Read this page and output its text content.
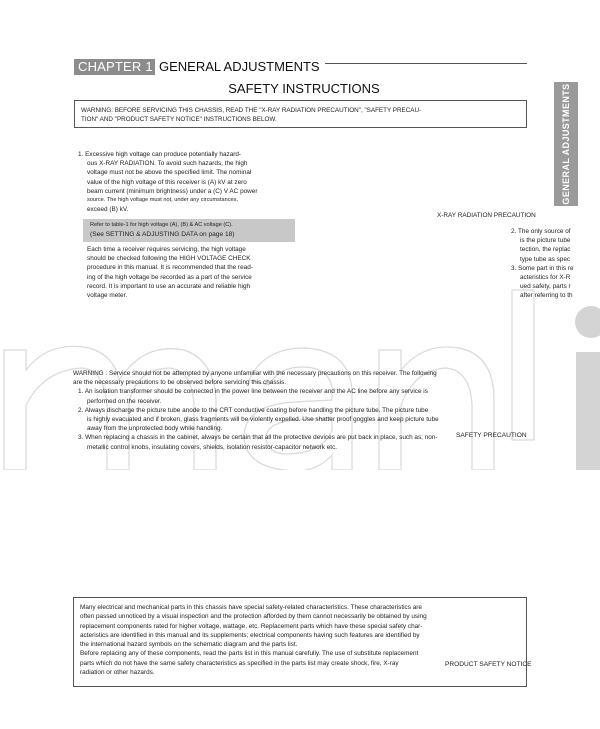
CHAPTER 1 GENERAL ADJUSTMENTS
SAFETY INSTRUCTIONS	GENERAL ADJUSTMENTS
WARNING: BEFORE SERVICING THIS CHASSIS, READ THE "X-RAY RADIATION PRECAUTION", "SAFETY PRECAU-
TION" AND "PRODUCT SAFETY NOTICE" INSTRUCTIONS BELOW.
1. Excessive high voltage can produce potentially hazard-
ous X-RAY RADIATION. To avoid such hazards, the high
voltage must not be above the specified limit. The nominal
value of the high voltage of this receiver is (A) kV at zero
beam current (minimum brightness) under a (C) V AC power
source. The high voltage must not, under any circumstances,
exceed (B) kV.
Refer to table-1 for high voltage (A), (B) & AC voltage (C).
(See SETTING & ADJUSTING DATA on page 18)
Each time a receiver requires servicing, the high voltage
should be checked following the HIGH VOLTAGE CHECK
procedure in this manual. It is recommended that the read-
ing of the high voltage be recorded as a part of the service
record. It is important to use an accurate and reliable high
voltage meter.
X-RAY RADIATION PRECAUTION
2. The only source of
is the picture tube
tection, the replac
type tube as spec
3. Some part in this re
acteristics for X-R
ued safety, parts r
after referring to th
WARNING : Service should not be attempted by anyone unfamiliar with the necessary precautions on this receiver. The following
are the necessary precautions to be observed before servicing this chassis.
1. An isolation transformer should be connected in the power line between the receiver and the AC line before any service is
performed on the receiver.
2. Always discharge the picture tube anode to the CRT conductive coating before handling the picture tube. The picture tube
is highly evacuated and if broken, glass fragments will be violently expelled. Use shatter proof goggles and keep picture tube
away from the unprotected body while handling.
3. When replacing a chassis in the cabinet, always be certain that all the protective devices are put back in place, such as; non-
metallic control knobs, insulating covers, shields, isolation resistor-capacitor network etc.
SAFETY PRECAUTION
Many electrical and mechanical parts in this chassis have special safety-related characteristics. These characteristics are
often passed unnoticed by a visual inspection and the protection afforded by them cannot necessarily be obtained by using
replacement components rated for higher voltage, wattage, etc. Replacement parts which have these special safety char-
acteristics are identified in this manual and its supplements; electrical components having such features are identified by
the international hazard symbols on the schematic diagram and the parts list.
Before replacing any of these components, read the parts list in this manual carefully. The use of substitute replacement
parts which do not have the same safety characteristics as specified in the parts list may create shock, fire, X-ray
radiation or other hazards.
PRODUCT SAFETY NOTICE
